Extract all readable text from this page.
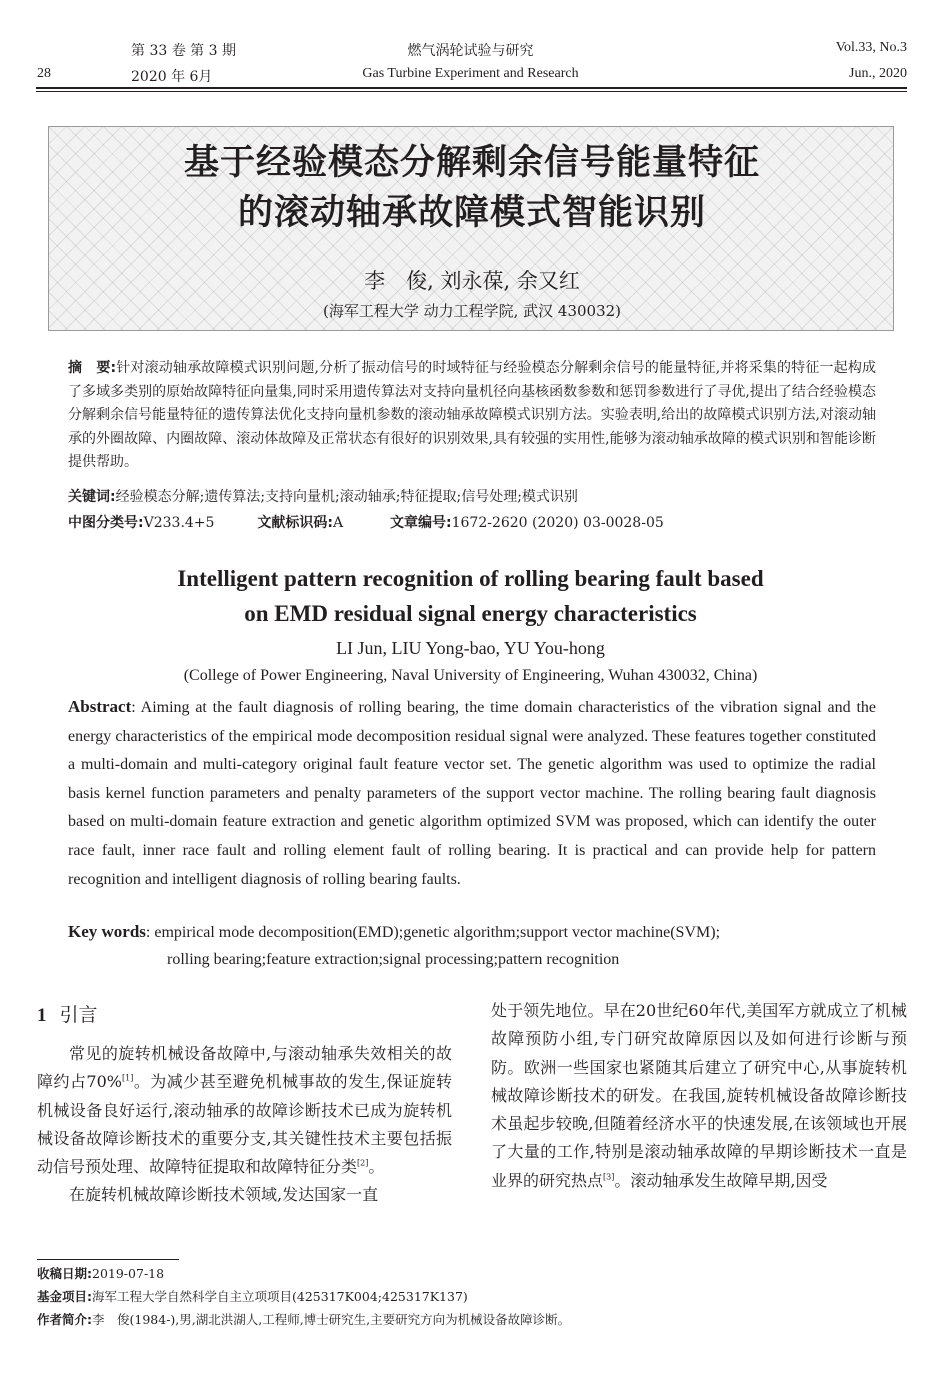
28
第 33 卷 第 3 期
2020 年 6月
燃气涡轮试验与研究
Gas Turbine Experiment and Research
Vol.33, No.3
Jun., 2020
基于经验模态分解剩余信号能量特征
的滚动轴承故障模式智能识别
李　俊, 刘永葆, 余又红
(海军工程大学 动力工程学院, 武汉 430032)
摘　要:针对滚动轴承故障模式识别问题,分析了振动信号的时域特征与经验模态分解剩余信号的能量特征,并将采集的特征一起构成了多域多类别的原始故障特征向量集,同时采用遗传算法对支持向量机径向基核函数参数和惩罚参数进行了寻优,提出了结合经验模态分解剩余信号能量特征的遗传算法优化支持向量机参数的滚动轴承故障模式识别方法。实验表明,给出的故障模式识别方法,对滚动轴承的外圈故障、内圈故障、滚动体故障及正常状态有很好的识别效果,具有较强的实用性,能够为滚动轴承故障的模式识别和智能诊断提供帮助。
关键词:经验模态分解;遗传算法;支持向量机;滚动轴承;特征提取;信号处理;模式识别
中图分类号:V233.4+5	文献标识码:A	文章编号:1672-2620 (2020) 03-0028-05
Intelligent pattern recognition of rolling bearing fault based
on EMD residual signal energy characteristics
LI Jun, LIU Yong-bao, YU You-hong
(College of Power Engineering, Naval University of Engineering, Wuhan 430032, China)
Abstract: Aiming at the fault diagnosis of rolling bearing, the time domain characteristics of the vibration signal and the energy characteristics of the empirical mode decomposition residual signal were analyzed. These features together constituted a multi-domain and multi-category original fault feature vector set. The genetic algorithm was used to optimize the radial basis kernel function parameters and penalty parameters of the support vector machine. The rolling bearing fault diagnosis based on multi-domain feature extraction and genetic algorithm optimized SVM was proposed, which can identify the outer race fault, inner race fault and rolling element fault of rolling bearing. It is practical and can provide help for pattern recognition and intelligent diagnosis of rolling bearing faults.
Key words: empirical mode decomposition(EMD);genetic algorithm;support vector machine(SVM);
rolling bearing;feature extraction;signal processing;pattern recognition
1 引言

常见的旋转机械设备故障中,与滚动轴承失效相关的故障约占70%[1]。为减少甚至避免机械事故的发生,保证旋转机械设备良好运行,滚动轴承的故障诊断技术已成为旋转机械设备故障诊断技术的重要分支,其关键性技术主要包括振动信号预处理、故障特征提取和故障特征分类[2]。

在旋转机械故障诊断技术领域,发达国家一直

处于领先地位。早在20世纪60年代,美国军方就成立了机械故障预防小组,专门研究故障原因以及如何进行诊断与预防。欧洲一些国家也紧随其后建立了研究中心,从事旋转机械故障诊断技术的研发。在我国,旋转机械设备故障诊断技术虽起步较晚,但随着经济水平的快速发展,在该领域也开展了大量的工作,特别是滚动轴承故障的早期诊断技术一直是业界的研究热点[3]。滚动轴承发生故障早期,因受

收稿日期:2019-07-18
基金项目:海军工程大学自然科学自主立项项目(425317K004;425317K137)
作者简介:李　俊(1984-),男,湖北洪湖人,工程师,博士研究生,主要研究方向为机械设备故障诊断。
